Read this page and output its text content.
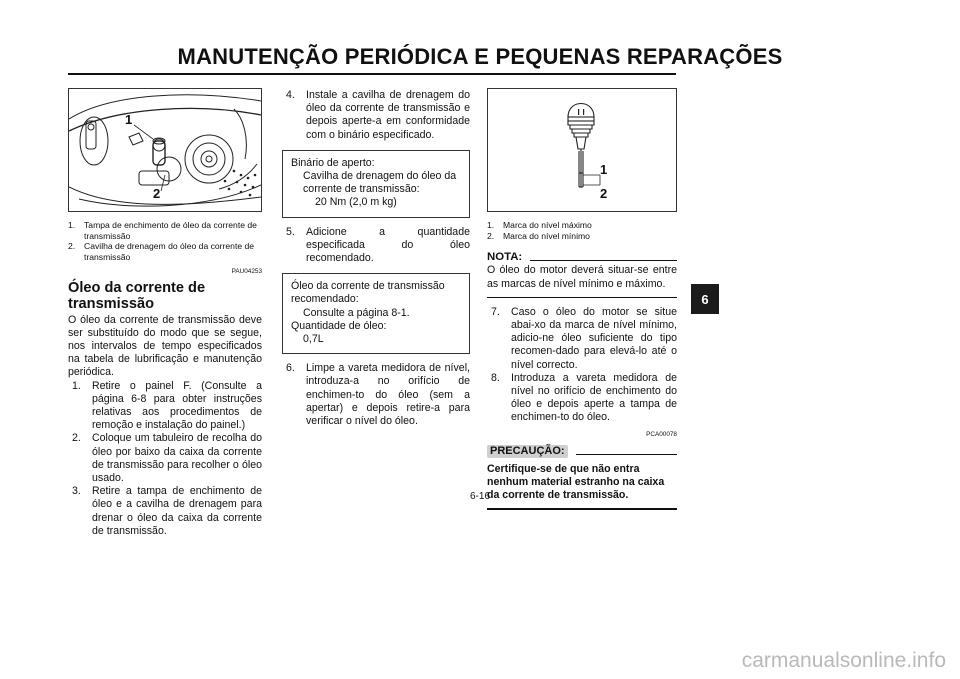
MANUTENÇÃO PERIÓDICA E PEQUENAS REPARAÇÕES
1
2
1.	Tampa de enchimento de óleo da corrente de transmissão
2.	Cavilha de drenagem do óleo da corrente de transmissão
PAU04253
Óleo da corrente de transmissão
O óleo da corrente de transmissão deve ser substituído do modo que se segue, nos intervalos de tempo especificados na tabela de lubrificação e manutenção periódica.
1.	Retire o painel F. (Consulte a página 6-8 para obter instruções relativas aos procedimentos de remoção e instalação do painel.)
2.	Coloque um tabuleiro de recolha do óleo por baixo da caixa da corrente de transmissão para recolher o óleo usado.
3.	Retire a tampa de enchimento de óleo e a cavilha de drenagem para drenar o óleo da caixa da corrente de transmissão.
4.	Instale a cavilha de drenagem do óleo da corrente de transmissão e depois aperte-a em conformidade com o binário especificado.
Binário de aperto:
Cavilha de drenagem do óleo da corrente de transmissão:
20 Nm (2,0 m kg)
5.	Adicione a quantidade especificada do óleo recomendado.
Óleo da corrente de transmissão recomendado:
Consulte a página 8-1.
Quantidade de óleo:
0,7L
6.	Limpe a vareta medidora de nível, introduza-a no orifício de enchimen-to do óleo (sem a apertar) e depois retire-a para verificar o nível do óleo.
1
2
1.	Marca do nível máximo
2.	Marca do nível mínimo
NOTA:
O óleo do motor deverá situar-se entre as marcas de nível mínimo e máximo.
7.	Caso o óleo do motor se situe abai-xo da marca de nível mínimo, adicio-ne óleo suficiente do tipo recomen-dado para elevá-lo até o nível correcto.
8.	Introduza a vareta medidora de nível no orifício de enchimento do óleo e depois aperte a tampa de enchimen-to do óleo.
PCA00078
PRECAUÇÃO:
Certifique-se de que não entra nenhum material estranho na caixa da corrente de transmissão.
6-16
6
carmanualsonline.info
